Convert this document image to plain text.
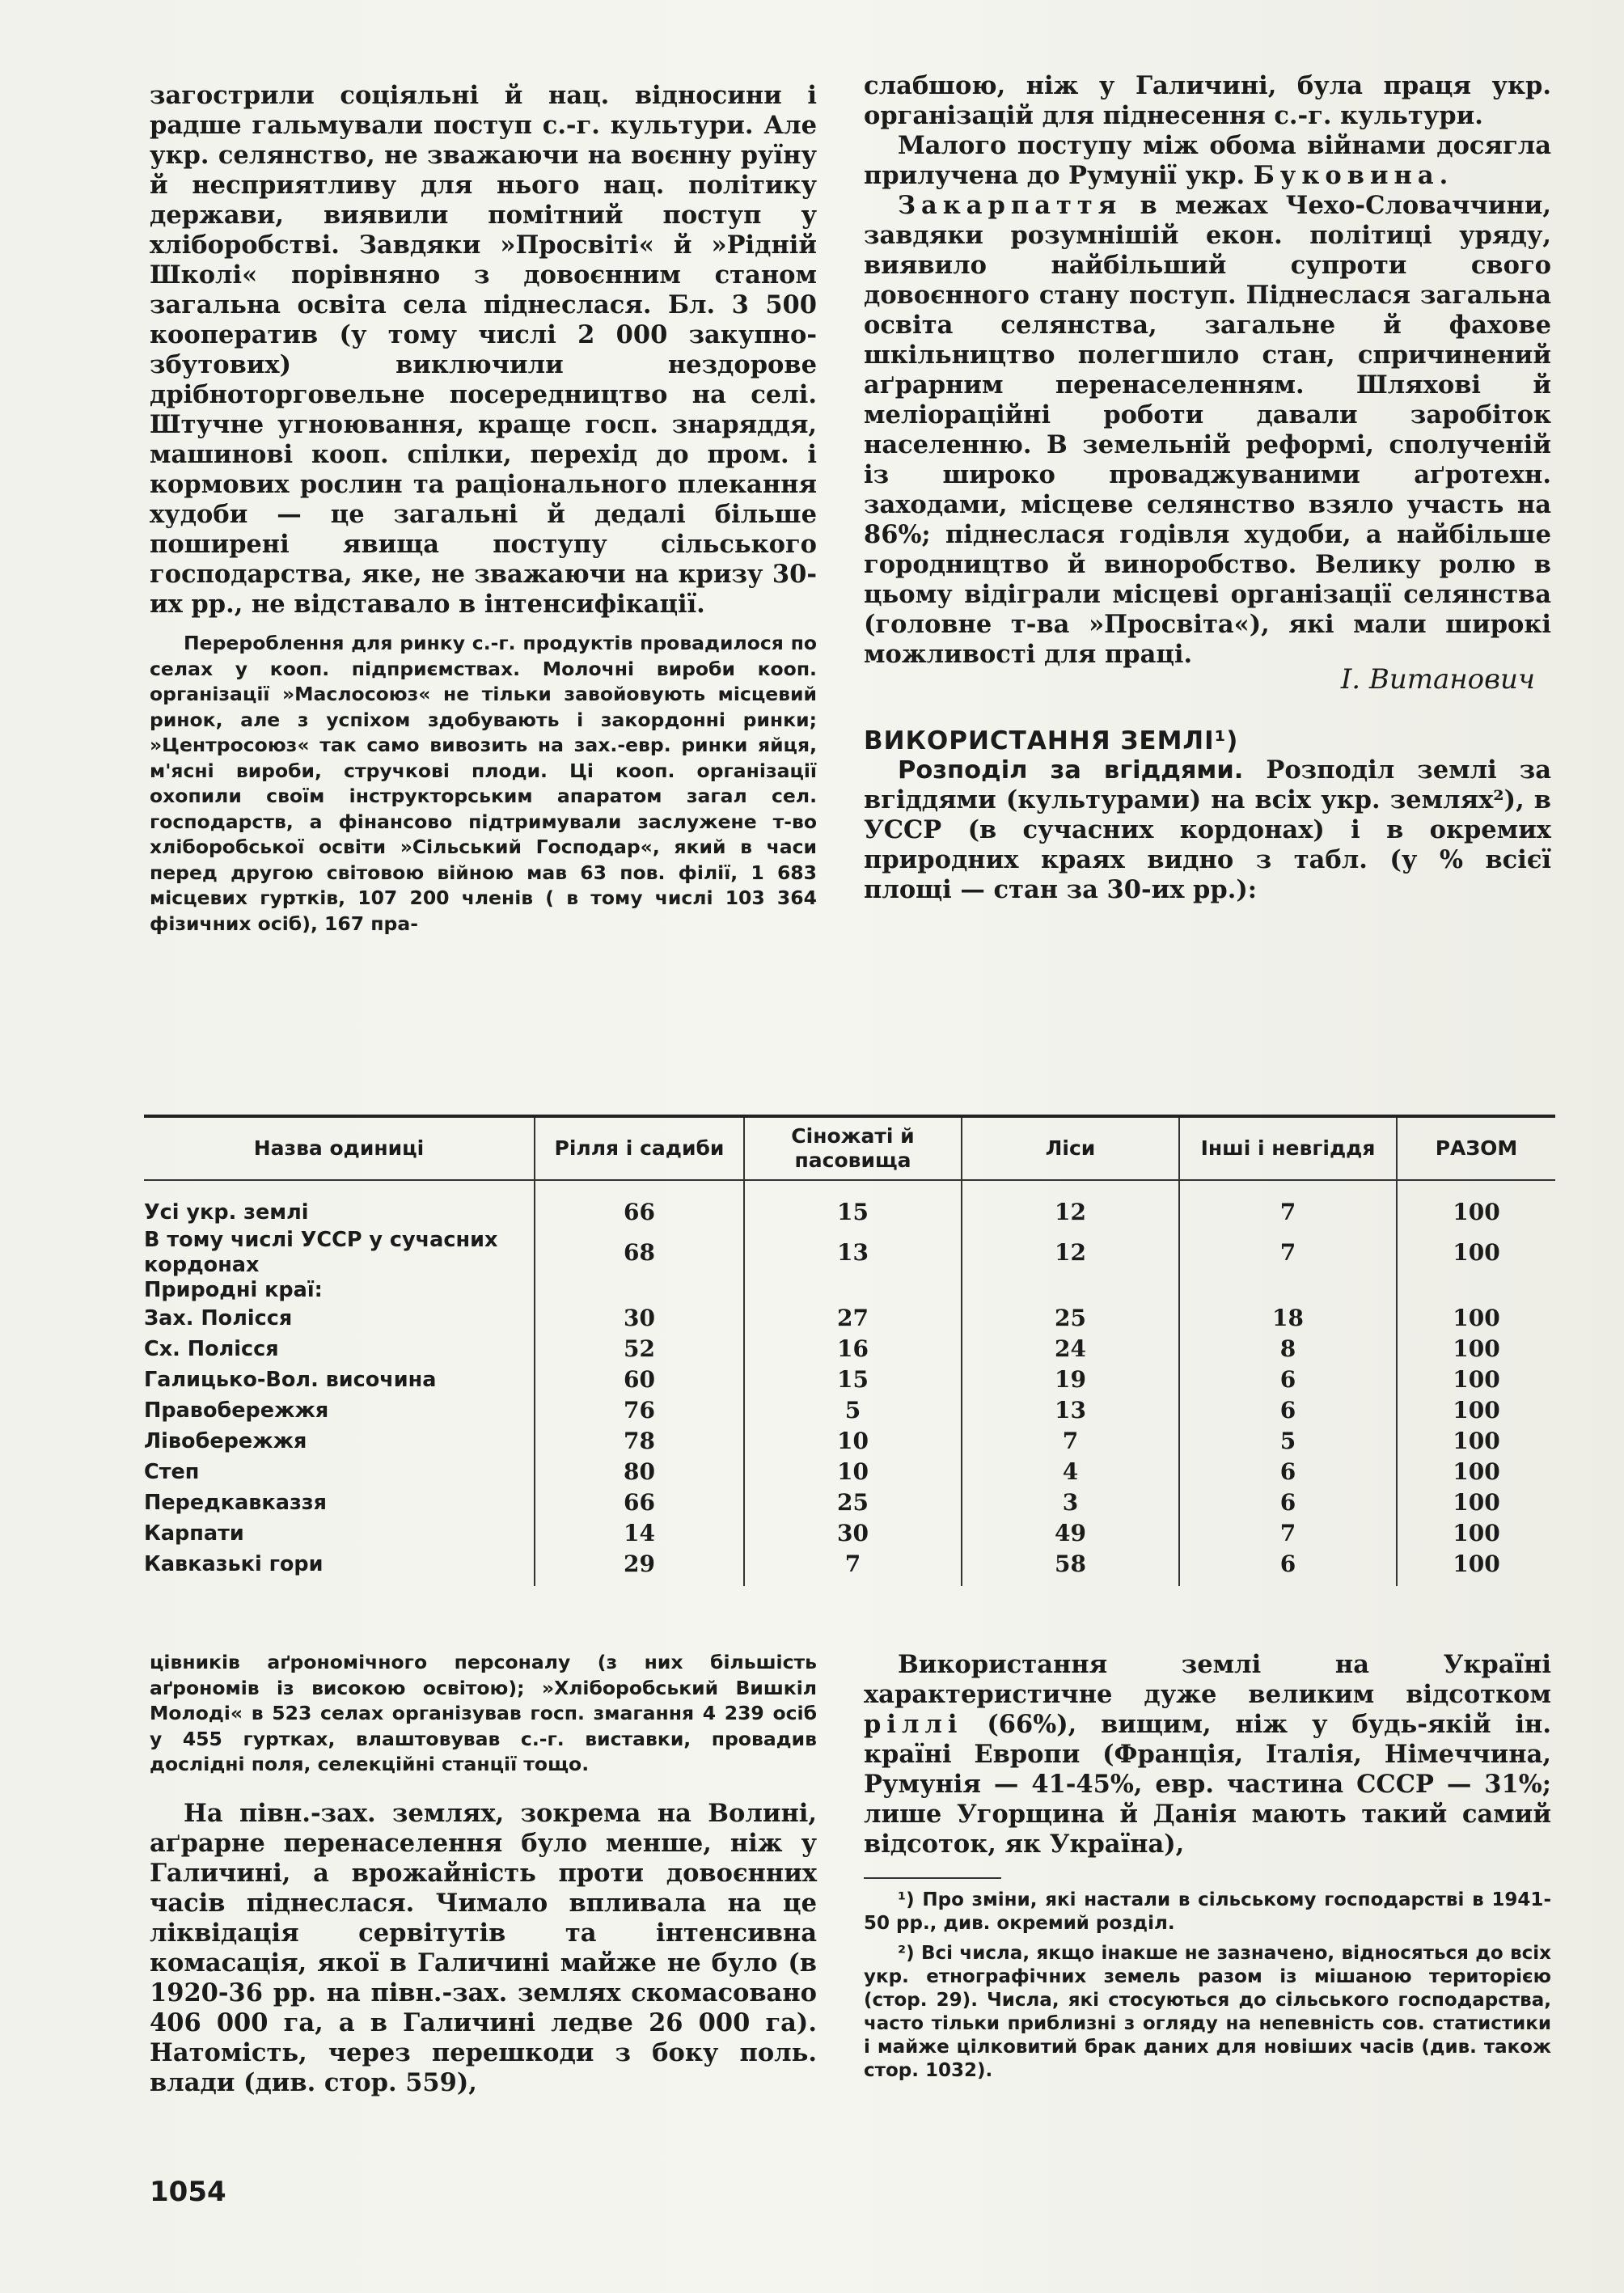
загострили соціяльні й нац. відносини і радше гальмували поступ с.-г. культури. Але укр. селянство, не зважаючи на воєнну руїну й несприятливу для нього нац. політику держави, виявили помітний поступ у хліборобстві. Завдяки »Просвіті« й »Рідній Школі« порівняно з довоєнним станом загальна освіта села піднеслася. Бл. 3 500 кооператив (у тому числі 2 000 закупно-збутових) виключили нездорове дрібноторговельне посередництво на селі. Штучне угноювання, краще госп. знаряддя, машинові кооп. спілки, перехід до пром. і кормових рослин та раціонального плекання худоби — це загальні й дедалі більше поширені явища поступу сільського господарства, яке, не зважаючи на кризу 30-их рр., не відставало в інтенсифікації.

Перероблення для ринку с.-г. продуктів провадилося по селах у кооп. підприємствах. Молочні вироби кооп. організації »Маслосоюз« не тільки завойовують місцевий ринок, але з успіхом здобувають і закордонні ринки; »Центросоюз« так само вивозить на зах.-евр. ринки яйця, м'ясні вироби, стручкові плоди. Ці кооп. організації охопили своїм інструкторським апаратом загал сел. господарств, а фінансово підтримували заслужене т-во хліборобської освіти »Сільський Господар«, який в часи перед другою світовою війною мав 63 пов. філії, 1 683 місцевих гуртків, 107 200 членів ( в тому числі 103 364 фізичних осіб), 167 пра-

слабшою, ніж у Галичині, була праця укр. організацій для піднесення с.-г. культури.

Малого поступу між обома війнами досягла прилучена до Румунії укр. Буковина.

Закарпаття в межах Чехо-Словаччини, завдяки розумнішій екон. політиці уряду, виявило найбільший супроти свого довоєнного стану поступ. Піднеслася загальна освіта селянства, загальне й фахове шкільництво полегшило стан, спричинений аґрарним перенаселенням. Шляхові й меліораційні роботи давали заробіток населенню. В земельній реформі, сполученій із широко проваджуваними аґротехн. заходами, місцеве селянство взяло участь на 86%; піднеслася годівля худоби, а найбільше городництво й виноробство. Велику ролю в цьому відіграли місцеві організації селянства (головне т-ва »Просвіта«), які мали широкі можливості для праці.

І. Витанович

ВИКОРИСТАННЯ ЗЕМЛІ¹)

Розподіл за вгіддями. Розподіл землі за вгіддями (культурами) на всіх укр. землях²), в УССР (в сучасних кордонах) і в окремих природних краях видно з табл. (у % всієї площі — стан за 30-их рр.):

Назва одиниці	Рілля і садиби	Сіножаті й пасовища	Ліси	Інші і невгіддя	РАЗОМ
Усі укр. землі	66	15	12	7	100
В тому числі УССР у сучасних кордонах	68	13	12	7	100
Природні краї:					
Зах. Полісся	30	27	25	18	100
Сх. Полісся	52	16	24	8	100
Галицько-Вол. височина	60	15	19	6	100
Правобережжя	76	5	13	6	100
Лівобережжя	78	10	7	5	100
Степ	80	10	4	6	100
Передкавказзя	66	25	3	6	100
Карпати	14	30	49	7	100
Кавказькі гори	29	7	58	6	100

цівників аґрономічного персоналу (з них більшість аґрономів із високою освітою); »Хліборобський Вишкіл Молоді« в 523 селах організував госп. змагання 4 239 осіб у 455 гуртках, влаштовував с.-г. виставки, провадив дослідні поля, селекційні станції тощо.

На півн.-зах. землях, зокрема на Волині, аґрарне перенаселення було менше, ніж у Галичині, а врожайність проти довоєнних часів піднеслася. Чимало впливала на це ліквідація сервітутів та інтенсивна комасація, якої в Галичині майже не було (в 1920-36 рр. на півн.-зах. землях скомасовано 406 000 га, а в Галичині ледве 26 000 га). Натомість, через перешкоди з боку поль. влади (див. стор. 559),

Використання землі на Україні характеристичне дуже великим відсотком ріллі (66%), вищим, ніж у будь-якій ін. країні Европи (Франція, Італія, Німеччина, Румунія — 41-45%, евр. частина СССР — 31%; лише Угорщина й Данія мають такий самий відсоток, як Україна),

¹) Про зміни, які настали в сільському господарстві в 1941-50 рр., див. окремий розділ.

²) Всі числа, якщо інакше не зазначено, відносяться до всіх укр. етнографічних земель разом із мішаною територією (стор. 29). Числа, які стосуються до сільського господарства, часто тільки приблизні з огляду на непевність сов. статистики і майже цілковитий брак даних для новіших часів (див. також стор. 1032).

1054
